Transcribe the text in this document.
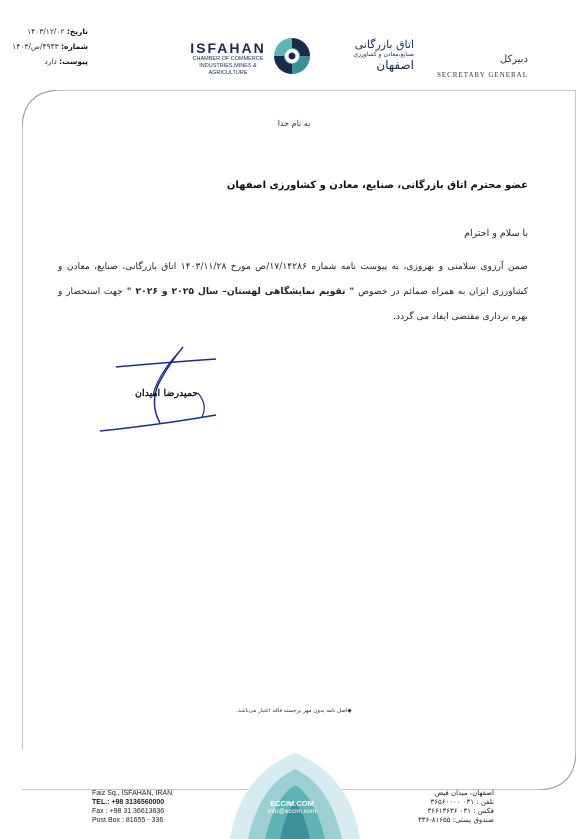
تاریخ: ۱۴۰۳/۱۲/۰۲
شماره: ۴۹۴۳/ص/۱۴۰۳
پیوست: دارد
ISFAHAN
CHAMBER OF COMMERCE
INDUSTRIES,MINES & AGRICULTURE
اتاق بازرگانی
صنایع،معادن و کشاورزی
اصفهان	دبیرکل
SECRETARY GENERAL
به نام خدا
عضو محترم اتاق بازرگانی، صنایع، معادن و کشاورزی اصفهان
با سلام و احترام
ضمن آرزوی سلامتی و بهروزی، به پیوست نامه شماره ۱۷/۱۴۲۸۶/ص مورخ ۱۴۰۳/۱۱/۲۸ اتاق بازرگانی، صنایع، معادن و کشاورزی ایران به همراه ضمائم در خصوص " تقویم نمایشگاهی لهستان– سال ۲۰۲۵ و ۲۰۲۶ " جهت استحضار و بهره برداری مقتضی ایفاد می گردد.
حمیدرضا امیدان
◆اصل نامه بدون مهر برجسته فاقد اعتبار می‌باشد.
Faiz Sq., ISFAHAN, IRAN
TEL.: +98 3136560000
Fax : +98 31 36613636
Post Box : 81655 - 336
ECCIM.COM
info@eccim.com
اصفهان، میدان فیض
تلفن : ۰۳۱ ۳۶۵۶۰۰۰۰
فکس : ۰۳۱ ۳۶۶۱۳۶۳۶
صندوق پستی: ۸۱۶۵۵-۳۳۶
